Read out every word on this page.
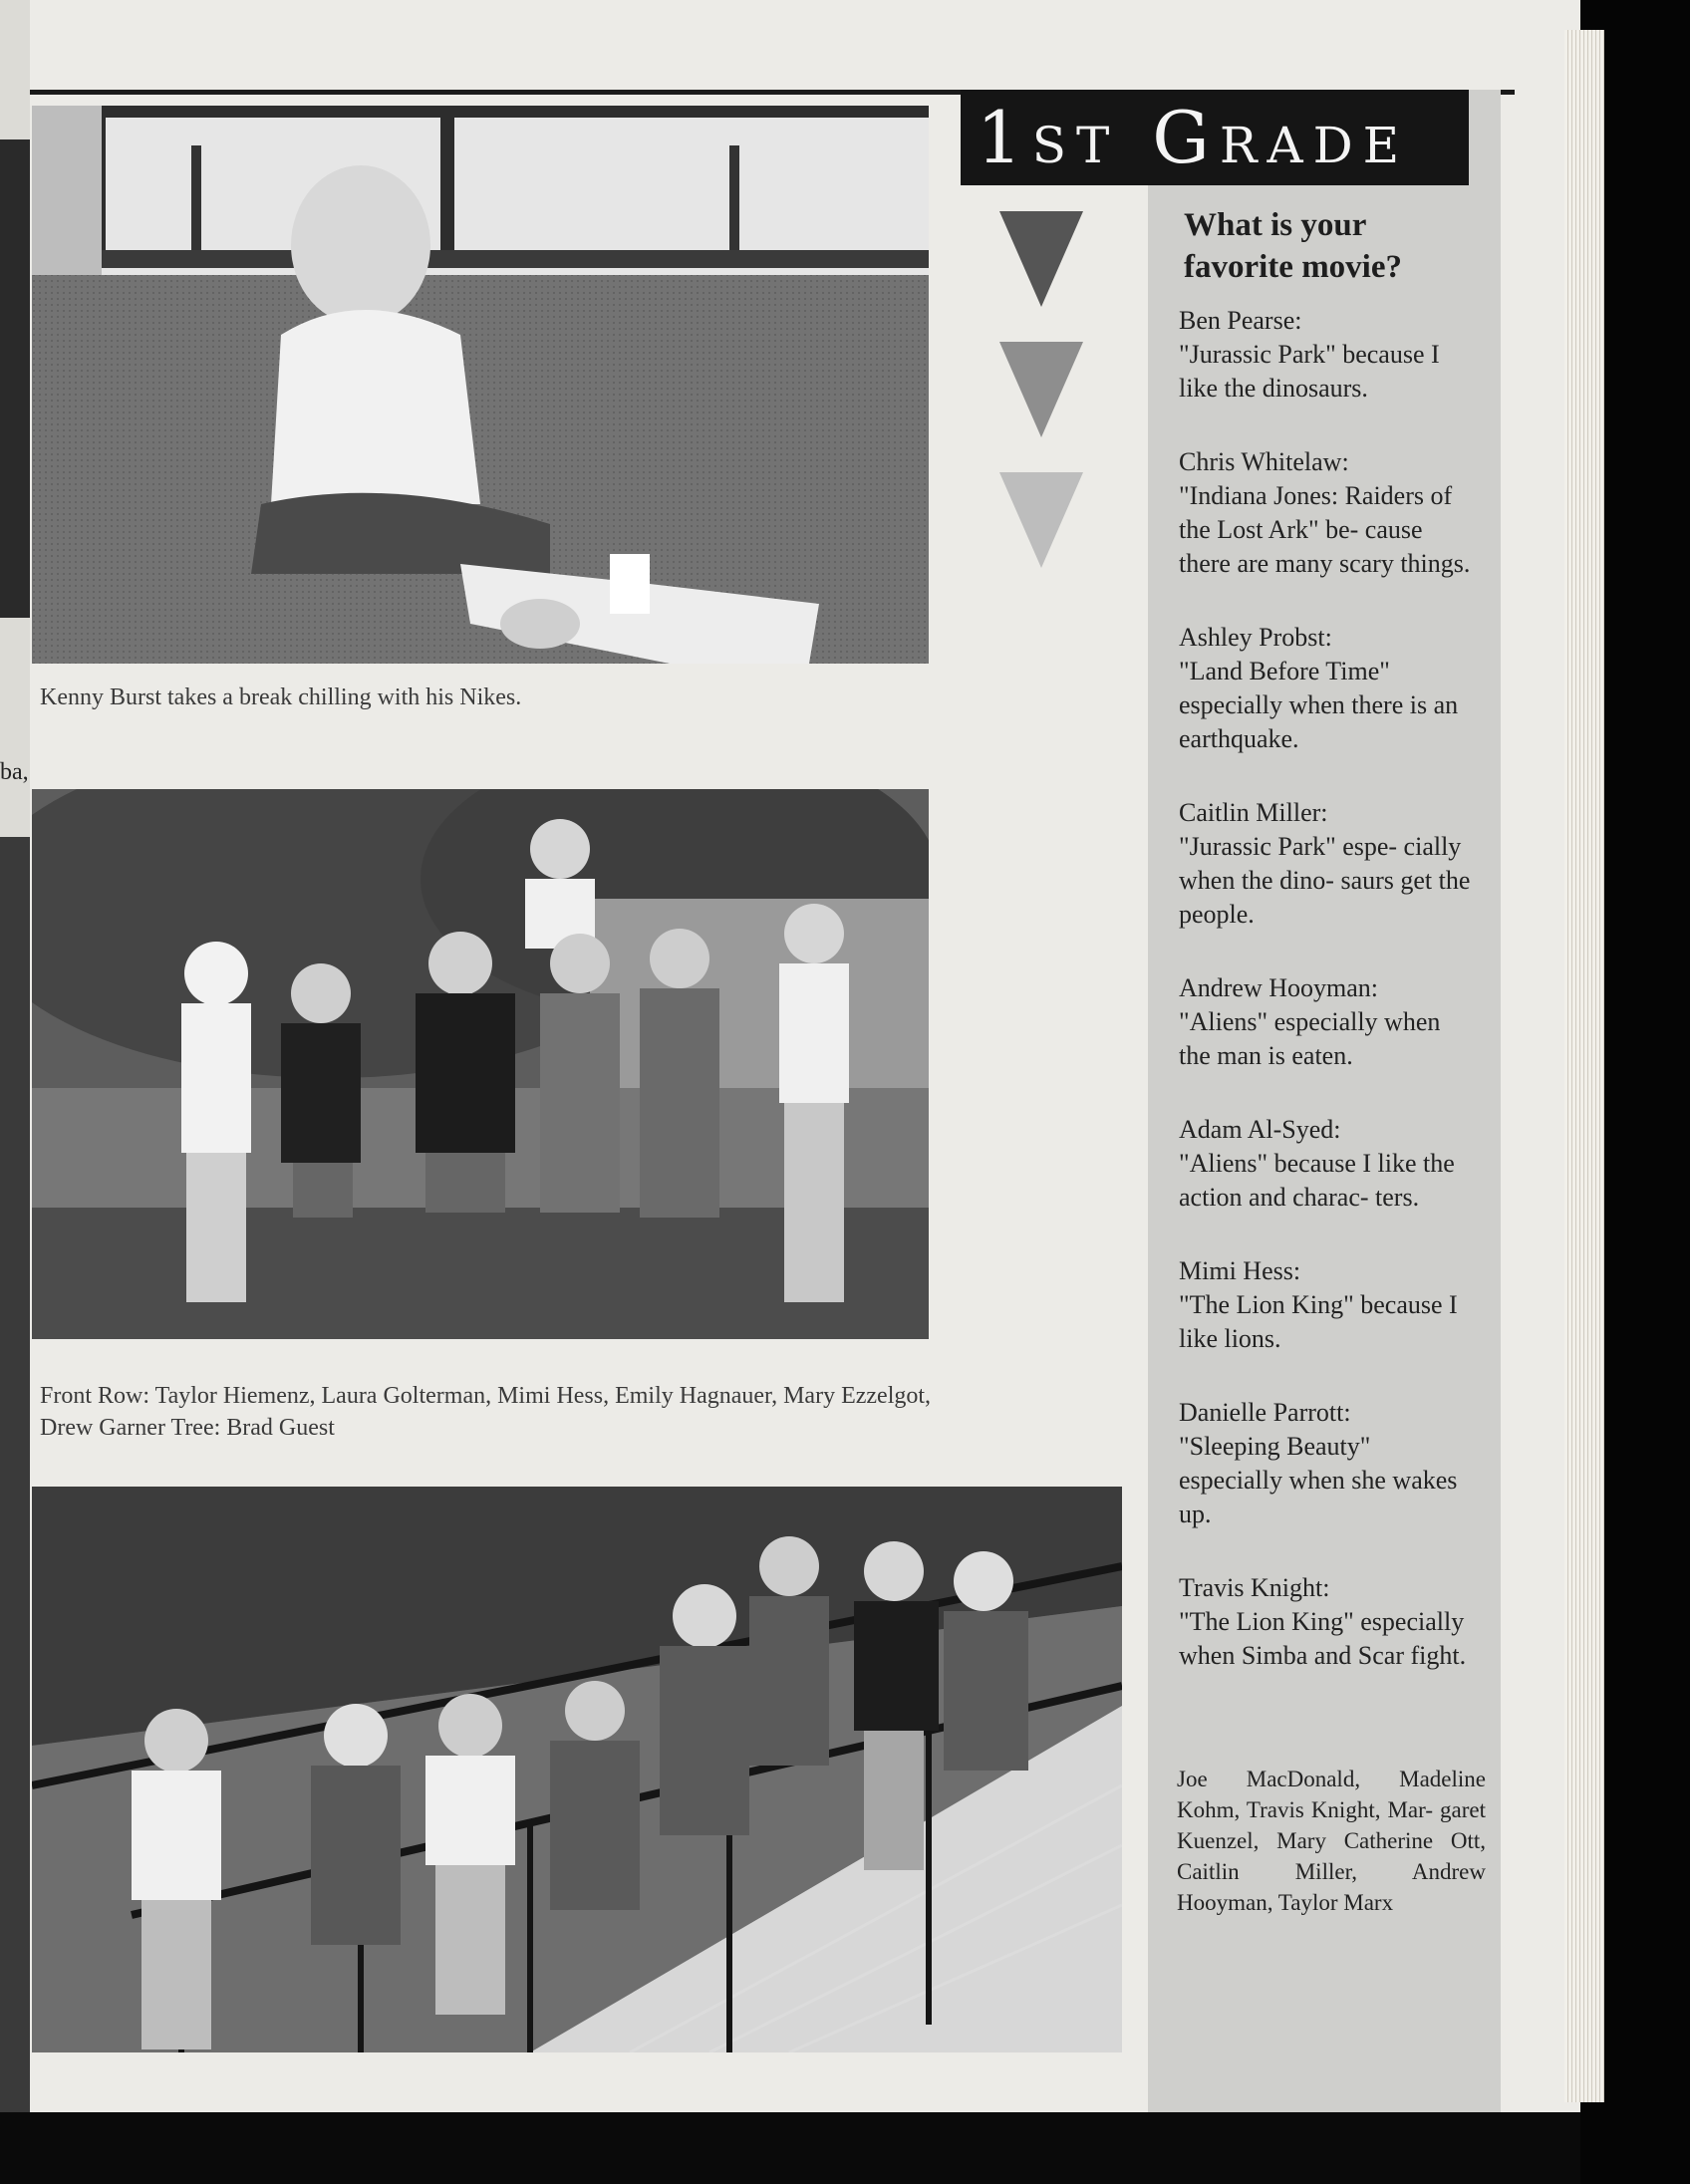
ba,
1st Grade
Kenny Burst takes a break chilling with his Nikes.
Front Row: Taylor Hiemenz, Laura Golterman, Mimi Hess, Emily Hagnauer, Mary Ezzelgot, Drew Garner Tree: Brad Guest
What is your favorite movie?
Ben Pearse:
"Jurassic Park" because I like the dinosaurs.
Chris Whitelaw:
"Indiana Jones: Raiders of the Lost Ark" be- cause there are many scary things.
Ashley Probst:
"Land Before Time" especially when there is an earthquake.
Caitlin Miller:
"Jurassic Park" espe- cially when the dino- saurs get the people.
Andrew Hooyman:
"Aliens" especially when the man is eaten.
Adam Al-Syed:
"Aliens" because I like the action and charac- ters.
Mimi Hess:
"The Lion King" because I like lions.
Danielle Parrott:
"Sleeping Beauty" especially when she wakes up.
Travis Knight:
"The Lion King" especially when Simba and Scar fight.
Joe MacDonald, Madeline Kohm, Travis Knight, Mar- garet Kuenzel, Mary Catherine Ott, Caitlin Miller, Andrew Hooyman, Taylor Marx
